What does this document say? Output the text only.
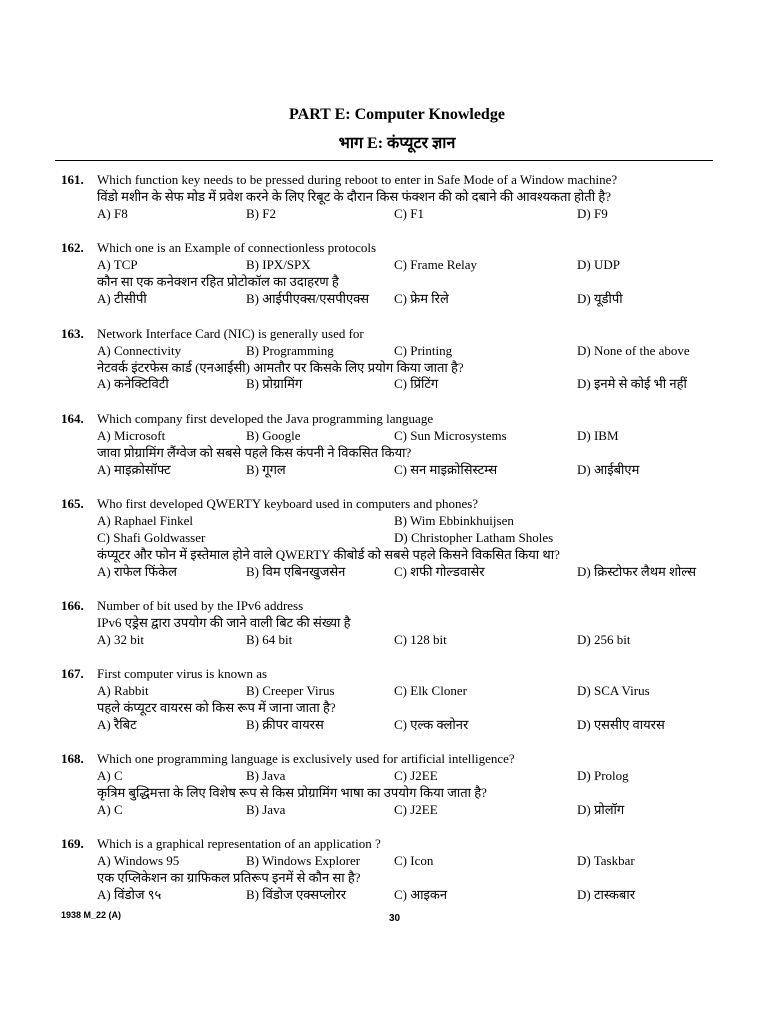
PART E: Computer Knowledge
भाग E: कंप्यूटर ज्ञान
161. Which function key needs to be pressed during reboot to enter in Safe Mode of a Window machine?
विंडो मशीन के सेफ मोड में प्रवेश करने के लिए रिबूट के दौरान किस फंक्शन की को दबाने की आवश्यकता होती है?
A) F8	B) F2	C) F1	D) F9
162. Which one is an Example of connectionless protocols
A) TCP	B) IPX/SPX	C) Frame Relay	D) UDP
कौन सा एक कनेक्शन रहित प्रोटोकॉल का उदाहरण है
A) टीसीपी	B) आईपीएक्स/एसपीएक्स C) फ्रेम रिले	D) यूडीपी
163. Network Interface Card (NIC) is generally used for
A) Connectivity	B) Programming	C) Printing	D) None of the above
नेटवर्क इंटरफेस कार्ड (एनआईसी) आमतौर पर किसके लिए प्रयोग किया जाता है?
A) कनेक्टिविटी	B) प्रोग्रामिंग	C) प्रिंटिंग	D) इनमे से कोई भी नहीं
164. Which company first developed the Java programming language
A) Microsoft	B) Google	C) Sun Microsystems	D) IBM
जावा प्रोग्रामिंग लैंग्वेज को सबसे पहले किस कंपनी ने विकसित किया?
A) माइक्रोसॉफ्ट	B) गूगल	C) सन माइक्रोसिस्टम्स	D) आईबीएम
165. Who first developed QWERTY keyboard used in computers and phones?
A) Raphael Finkel	B) Wim Ebbinkhuijsen
C) Shafi Goldwasser	D) Christopher Latham Sholes
कंप्यूटर और फोन में इस्तेमाल होने वाले QWERTY कीबोर्ड को सबसे पहले किसने विकसित किया था?
A) राफेल फिंकेल	B) विम एबिनखुजसेन	C) शफी गोल्डवासेर	D) क्रिस्टोफर लैथम शोल्स
166. Number of bit used by the IPv6 address
IPv6 एड्रेस द्वारा उपयोग की जाने वाली बिट की संख्या है
A) 32 bit	B) 64 bit	C) 128 bit	D) 256 bit
167. First computer virus is known as
A) Rabbit	B) Creeper Virus	C) Elk Cloner	D) SCA Virus
पहले कंप्यूटर वायरस को किस रूप में जाना जाता है?
A) रैबिट	B) क्रीपर वायरस	C) एल्क क्लोनर	D) एससीए वायरस
168. Which one programming language is exclusively used for artificial intelligence?
A) C	B) Java	C) J2EE	D) Prolog
कृत्रिम बुद्धिमत्ता के लिए विशेष रूप से किस प्रोग्रामिंग भाषा का उपयोग किया जाता है?
A) C	B) Java	C) J2EE	D) प्रोलॉग
169. Which is a graphical representation of an application ?
A) Windows 95	B) Windows Explorer	C) Icon	D) Taskbar
एक एप्लिकेशन का ग्राफिकल प्रतिरूप इनमें से कौन सा है?
A) विंडोज ९५	B) विंडोज एक्सप्लोरर	C) आइकन	D) टास्कबार
1938 M_22 (A)	30
